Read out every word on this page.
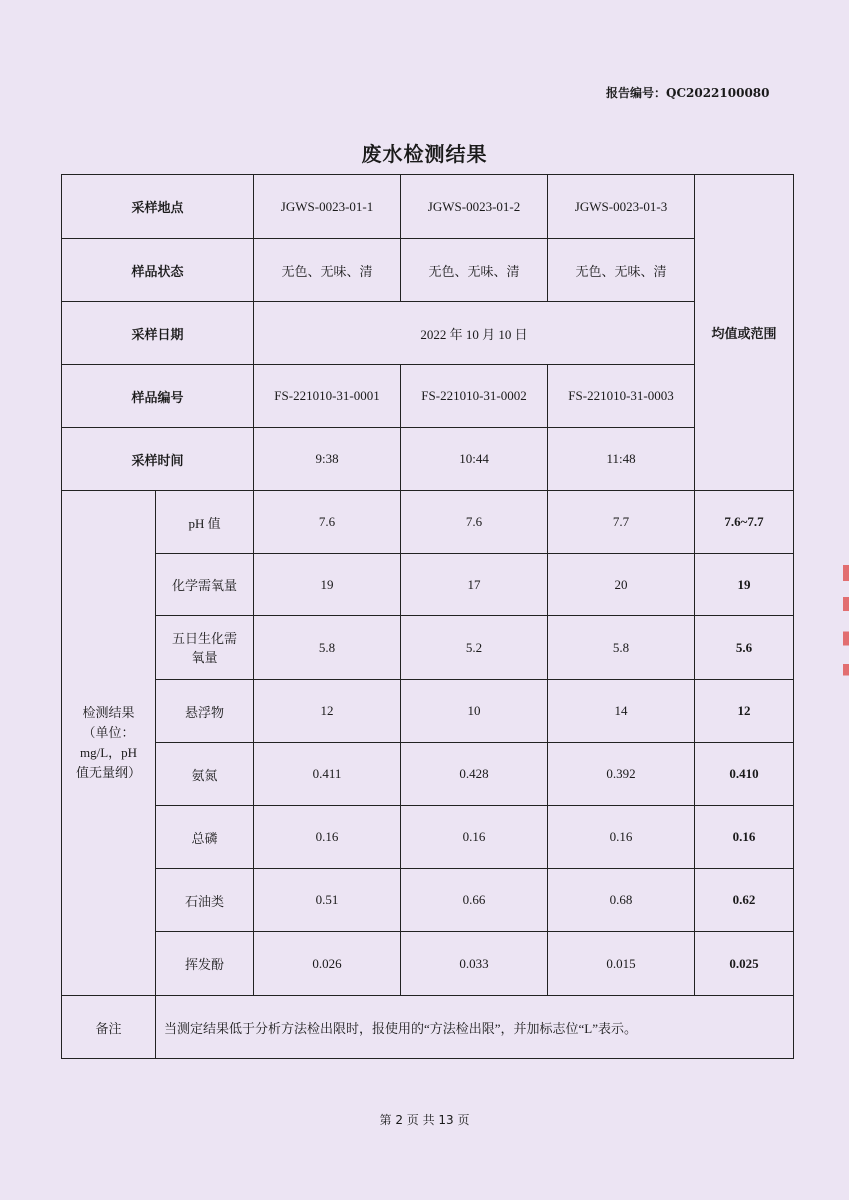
报告编号：QC2022100080
废水检测结果
采样地点		JGWS-0023-01-1	JGWS-0023-01-2	JGWS-0023-01-3	均值或范围
样品状态		无色、无味、清	无色、无味、清	无色、无味、清	
采样日期		2022 年 10 月 10 日			
样品编号		FS-221010-31-0001	FS-221010-31-0002	FS-221010-31-0003	
采样时间		9:38	10:44	11:48	

检测结果
（单位：
mg/L，pH
值无量纲）	pH 值	7.6	7.6	7.7	7.6~7.7
	化学需氧量	19	17	20	19
	五日生化需氧量	5.8	5.2	5.8	5.6
	悬浮物	12	10	14	12
	氨氮	0.411	0.428	0.392	0.410
	总磷	0.16	0.16	0.16	0.16
	石油类	0.51	0.66	0.68	0.62
	挥发酚	0.026	0.033	0.015	0.025
备注	当测定结果低于分析方法检出限时，报使用的“方法检出限”，并加标志位“L”表示。				
第 2 页 共 13 页
